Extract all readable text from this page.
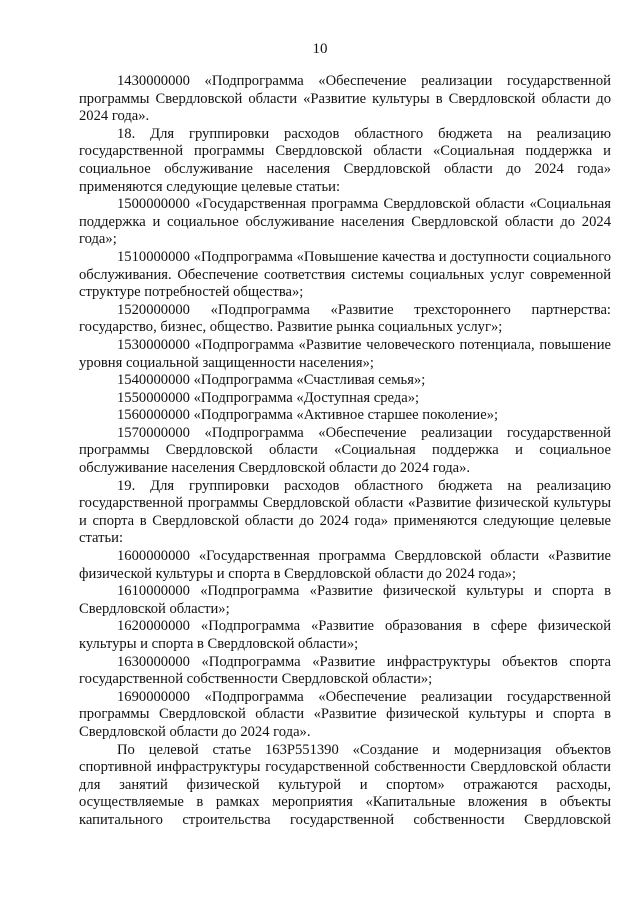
10

1430000000 «Подпрограмма «Обеспечение реализации государственной программы Свердловской области «Развитие культуры в Свердловской области до 2024 года».

18. Для группировки расходов областного бюджета на реализацию государственной программы Свердловской области «Социальная поддержка и социальное обслуживание населения Свердловской области до 2024 года» применяются следующие целевые статьи:

1500000000 «Государственная программа Свердловской области «Социальная поддержка и социальное обслуживание населения Свердловской области до 2024 года»;

1510000000 «Подпрограмма «Повышение качества и доступности социального обслуживания. Обеспечение соответствия системы социальных услуг современной структуре потребностей общества»;

1520000000 «Подпрограмма «Развитие трехстороннего партнерства: государство, бизнес, общество. Развитие рынка социальных услуг»;

1530000000 «Подпрограмма «Развитие человеческого потенциала, повышение уровня социальной защищенности населения»;

1540000000 «Подпрограмма «Счастливая семья»;

1550000000 «Подпрограмма «Доступная среда»;

1560000000 «Подпрограмма «Активное старшее поколение»;

1570000000 «Подпрограмма «Обеспечение реализации государственной программы Свердловской области «Социальная поддержка и социальное обслуживание населения Свердловской области до 2024 года».

19. Для группировки расходов областного бюджета на реализацию государственной программы Свердловской области «Развитие физической культуры и спорта в Свердловской области до 2024 года» применяются следующие целевые статьи:

1600000000 «Государственная программа Свердловской области «Развитие физической культуры и спорта в Свердловской области до 2024 года»;

1610000000 «Подпрограмма «Развитие физической культуры и спорта в Свердловской области»;

1620000000 «Подпрограмма «Развитие образования в сфере физической культуры и спорта в Свердловской области»;

1630000000 «Подпрограмма «Развитие инфраструктуры объектов спорта государственной собственности Свердловской области»;

1690000000 «Подпрограмма «Обеспечение реализации государственной программы Свердловской области «Развитие физической культуры и спорта в Свердловской области до 2024 года».

По целевой статье 163P551390 «Создание и модернизация объектов спортивной инфраструктуры государственной собственности Свердловской области для занятий физической культурой и спортом» отражаются расходы, осуществляемые в рамках мероприятия «Капитальные вложения в объекты капитального строительства государственной собственности Свердловской
